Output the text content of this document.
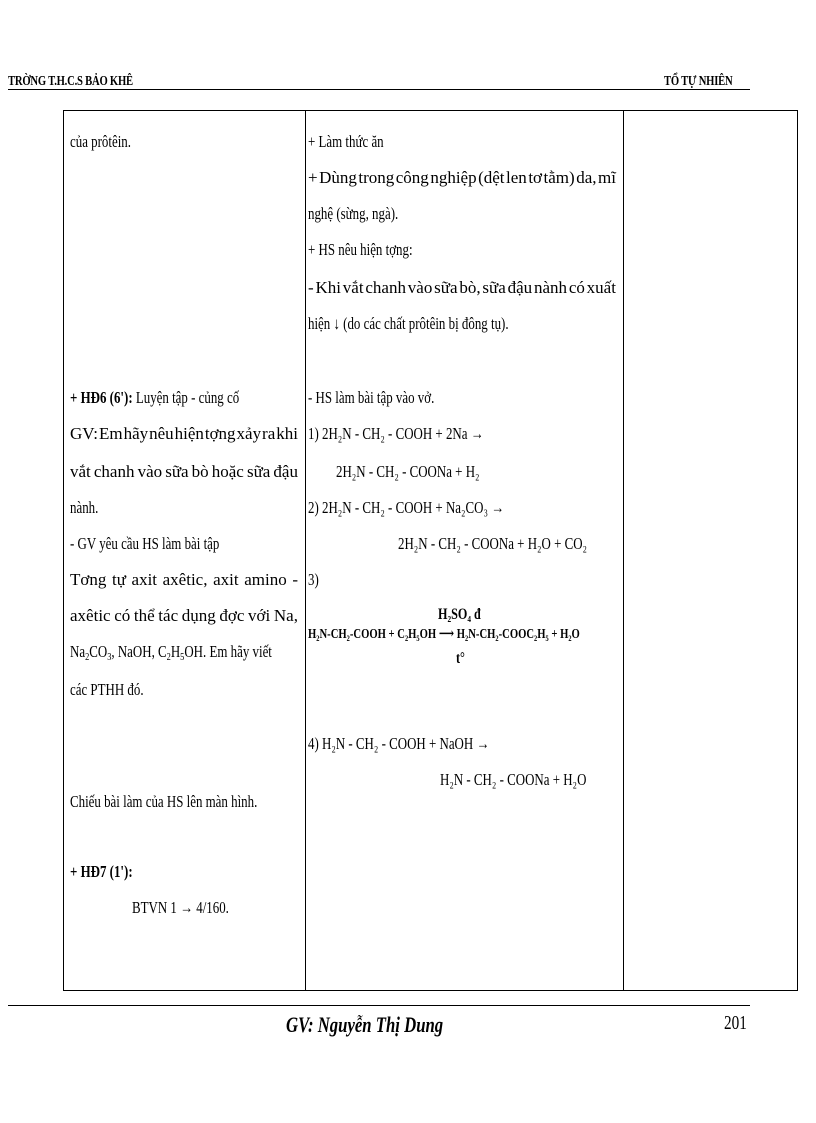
TRỜNG T.H.C.S BẢO KHÊ	TỔ TỰ NHIÊN
của prôtêin.
+ HĐ6 (6'): Luyện tập - củng cố
GV: Em hãy nêu hiện tợng xảy ra khi
vắt chanh vào sữa bò hoặc sữa đậu
nành.
- GV yêu cầu HS làm bài tập
Tơng tự axit axêtic, axit amino -
axêtic có thể tác dụng đợc với Na,
$Na_2CO_3$, NaOH, $C_2H_5OH$. Em hãy viết
các PTHH đó.
Chiếu bài làm của HS lên màn hình.
+ HĐ7 (1'):
BTVN 1 → 4/160.
+ Làm thức ăn
+ Dùng trong công nghiệp (dệt len tơ tằm) da, mĩ
nghệ (sừng, ngà).
+ HS nêu hiện tợng:
- Khi vắt chanh vào sữa bò, sữa đậu nành có xuất
hiện ↓ (do các chất prôtêin bị đông tụ).
- HS làm bài tập vào vở.
1) 2H₂N - CH₂ - COOH + 2Na →
2H₂N - CH₂ - COONa + H₂
2) 2H₂N - CH₂ - COOH + Na₂CO₃ →
2H₂N - CH₂ - COONa + H₂O + CO₂
3)
H₂SO₄ đ
H₂N-CH₂-COOH + C₂H₅OH ⟶ H₂N-CH₂-COOC₂H₅ + H₂O
t°
4) H₂N - CH₂ - COOH + NaOH →
H₂N - CH₂ - COONa + H₂O
GV: Nguyễn Thị Dung	201
